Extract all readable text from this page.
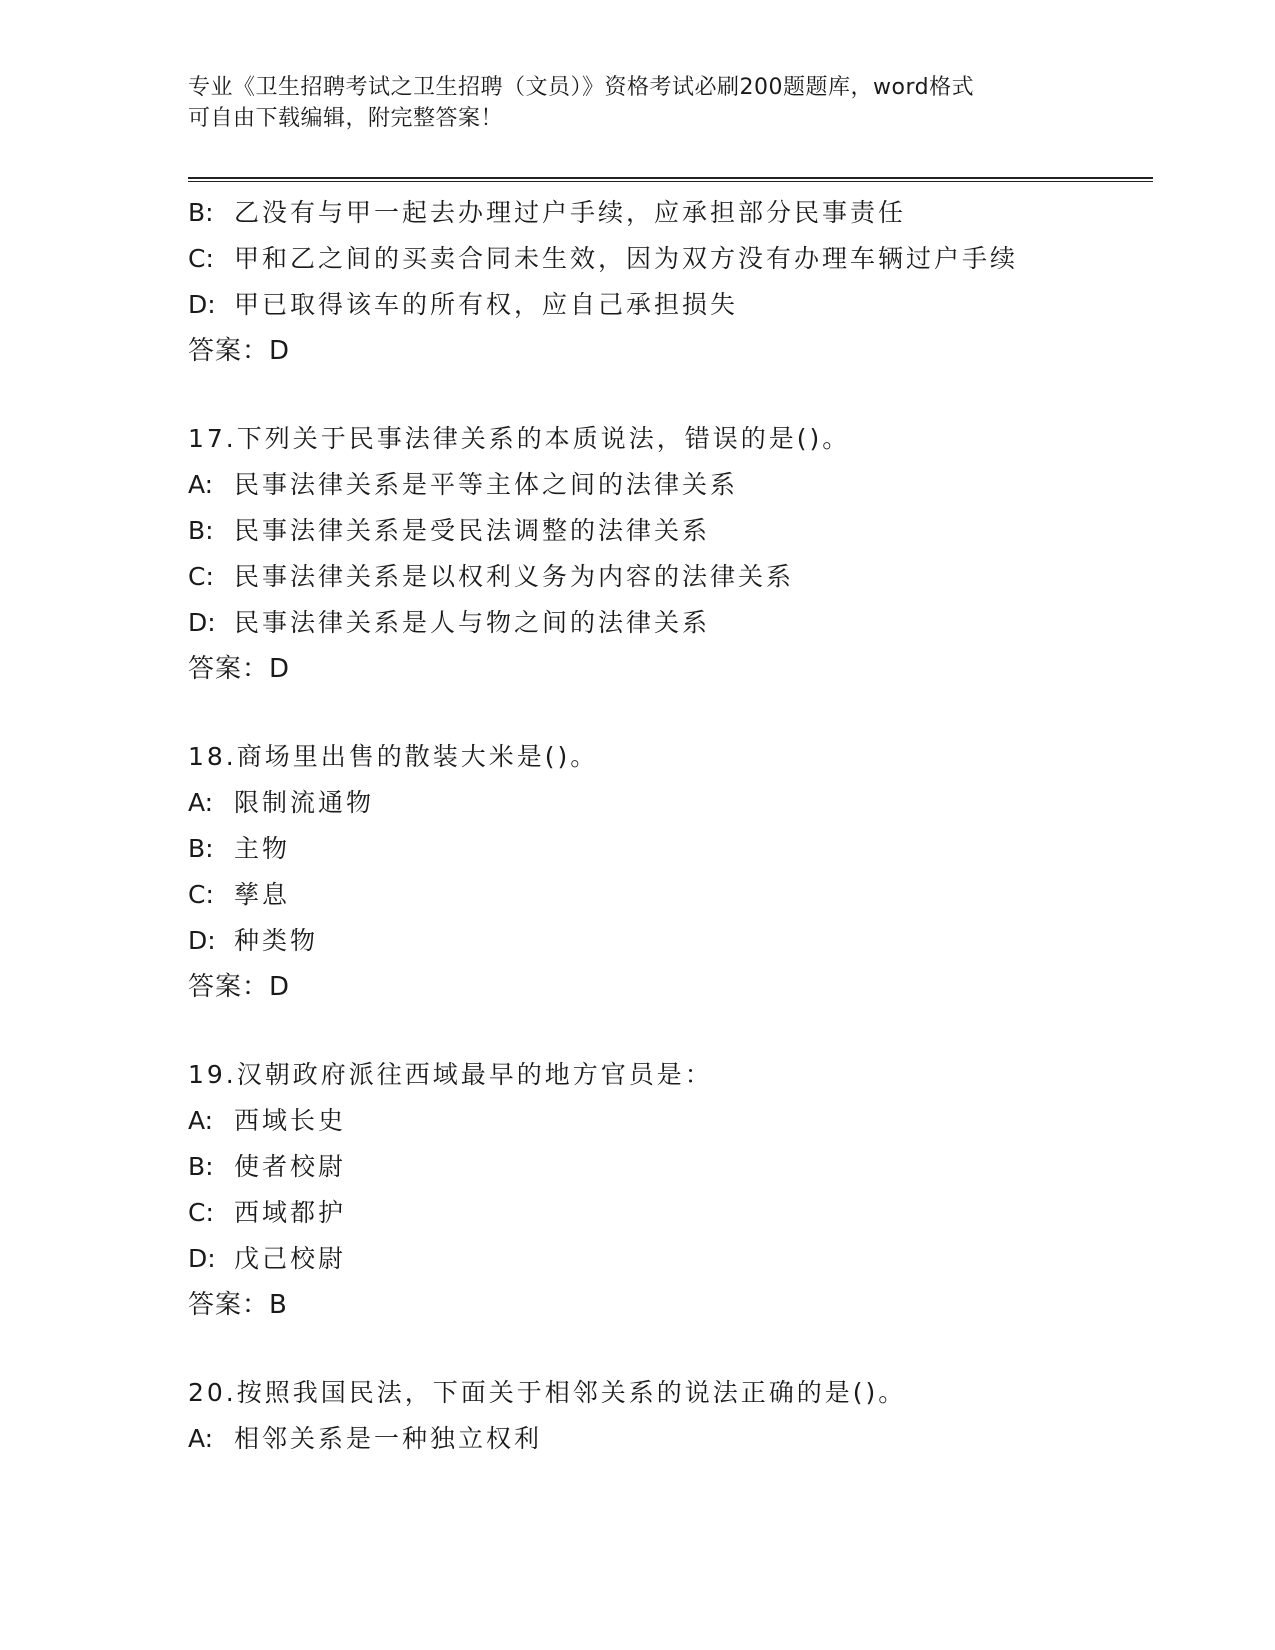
专业《卫生招聘考试之卫生招聘（文员）》资格考试必刷200题题库，word格式
可自由下载编辑，附完整答案！
B: 乙没有与甲一起去办理过户手续，应承担部分民事责任
C: 甲和乙之间的买卖合同未生效，因为双方没有办理车辆过户手续
D: 甲已取得该车的所有权，应自己承担损失
答案：D
17.下列关于民事法律关系的本质说法，错误的是()。
A: 民事法律关系是平等主体之间的法律关系
B: 民事法律关系是受民法调整的法律关系
C: 民事法律关系是以权利义务为内容的法律关系
D: 民事法律关系是人与物之间的法律关系
答案：D
18.商场里出售的散装大米是()。
A: 限制流通物
B: 主物
C: 孳息
D: 种类物
答案：D
19.汉朝政府派往西域最早的地方官员是：
A: 西域长史
B: 使者校尉
C: 西域都护
D: 戊己校尉
答案：B
20.按照我国民法，下面关于相邻关系的说法正确的是()。
A: 相邻关系是一种独立权利
